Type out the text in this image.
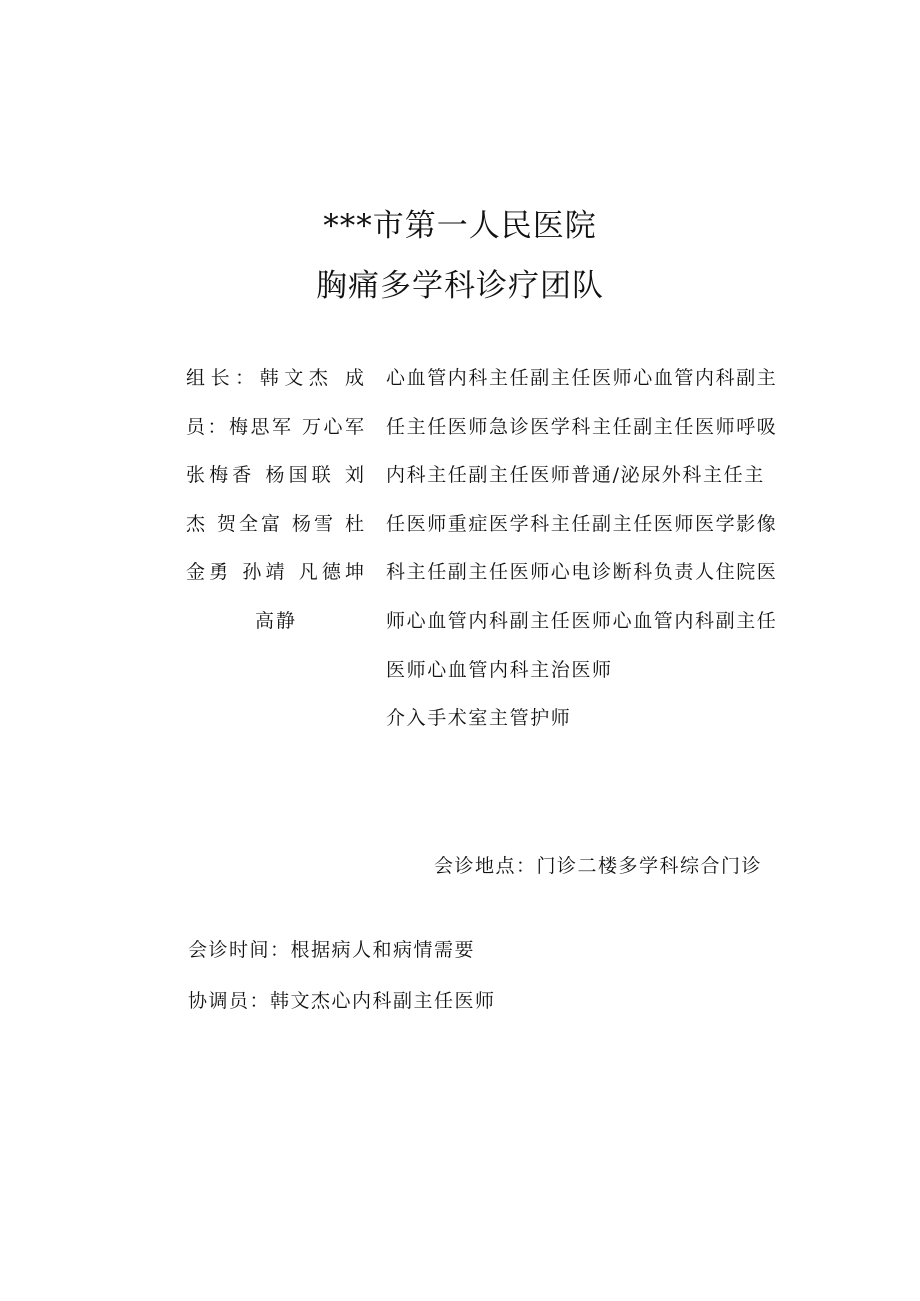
***市第一人民医院
胸痛多学科诊疗团队
组长：韩文杰 成员：梅思军 万心军 张梅香 杨国联 刘杰 贺全富 杨雪 杜金勇 孙靖 凡德坤 高静
心血管内科主任副主任医师心血管内科副主任主任医师急诊医学科主任副主任医师呼吸内科主任副主任医师普通/泌尿外科主任主任医师重症医学科主任副主任医师医学影像科主任副主任医师心电诊断科负责人住院医师心血管内科副主任医师心血管内科副主任医师心血管内科主治医师
介入手术室主管护师
会诊地点：门诊二楼多学科综合门诊
会诊时间：根据病人和病情需要
协调员：韩文杰心内科副主任医师
